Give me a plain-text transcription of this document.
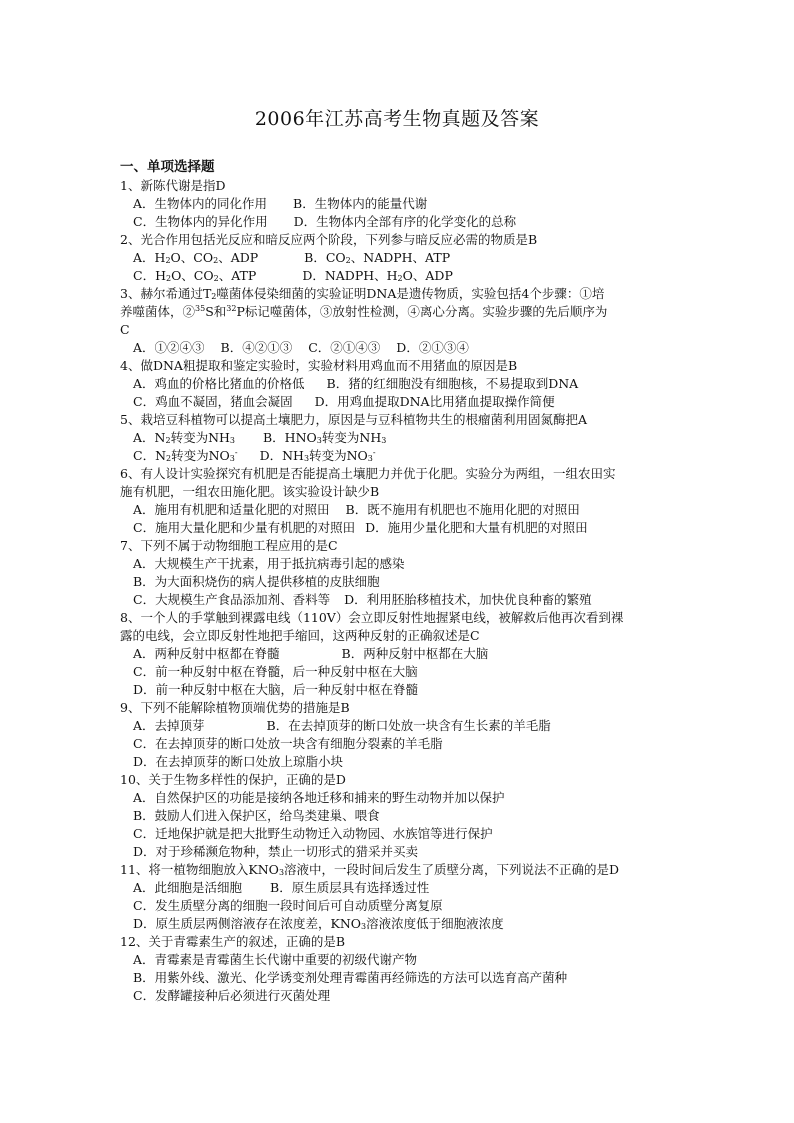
2006年江苏高考生物真题及答案
一、单项选择题
1、新陈代谢是指D
A．生物体内的同化作用 B．生物体内的能量代谢
C．生物体内的异化作用 D．生物体内全部有序的化学变化的总称
2、光合作用包括光反应和暗反应两个阶段，下列参与暗反应必需的物质是B
A．$H_2O$、$CO_2$、ADP	B．$CO_2$、NADPH、ATP
C．$H_2O$、$CO_2$、ATP	D．NADPH、$H_2O$、ADP
3、赫尔希通过$T_2$噬菌体侵染细菌的实验证明DNA是遗传物质，实验包括4个步骤：①培
养噬菌体，②$^{35}$S和$^{32}$P标记噬菌体，③放射性检测，④离心分离。实验步骤的先后顺序为
C
A．①②④③ B．④②①③ C．②①④③ D．②①③④
4、做DNA粗提取和鉴定实验时，实验材料用鸡血而不用猪血的原因是B
A．鸡血的价格比猪血的价格低 B．猪的红细胞没有细胞核，不易提取到DNA
C．鸡血不凝固，猪血会凝固 D．用鸡血提取DNA比用猪血提取操作简便
5、栽培豆科植物可以提高土壤肥力，原因是与豆科植物共生的根瘤菌利用固氮酶把A
A．$N_2$转变为$NH_3$ B．$HNO_3$转变为$NH_3$
C．$N_2$转变为$NO_3^-$ D．$NH_3$转变为$NO_3^-$
6、有人设计实验探究有机肥是否能提高土壤肥力并优于化肥。实验分为两组，一组农田实
施有机肥，一组农田施化肥。该实验设计缺少B
A．施用有机肥和适量化肥的对照田 B．既不施用有机肥也不施用化肥的对照田
C．施用大量化肥和少量有机肥的对照田 D．施用少量化肥和大量有机肥的对照田
7、下列不属于动物细胞工程应用的是C
A．大规模生产干扰素，用于抵抗病毒引起的感染
B．为大面积烧伤的病人提供移植的皮肤细胞
C．大规模生产食品添加剂、香料等 D．利用胚胎移植技术，加快优良种畜的繁殖
8、一个人的手掌触到裸露电线（110V）会立即反射性地握紧电线，被解救后他再次看到裸
露的电线，会立即反射性地把手缩回，这两种反射的正确叙述是C
A．两种反射中枢都在脊髓	B．两种反射中枢都在大脑
C．前一种反射中枢在脊髓，后一种反射中枢在大脑
D．前一种反射中枢在大脑，后一种反射中枢在脊髓
9、下列不能解除植物顶端优势的措施是B
A．去掉顶芽	B．在去掉顶芽的断口处放一块含有生长素的羊毛脂
C．在去掉顶芽的断口处放一块含有细胞分裂素的羊毛脂
D．在去掉顶芽的断口处放上琼脂小块
10、关于生物多样性的保护，正确的是D
A．自然保护区的功能是接纳各地迁移和捕来的野生动物并加以保护
B．鼓励人们进入保护区，给鸟类建巢、喂食
C．迁地保护就是把大批野生动物迁入动物园、水族馆等进行保护
D．对于珍稀濒危物种，禁止一切形式的猎采并买卖
11、将一植物细胞放入$KNO_3$溶液中，一段时间后发生了质壁分离，下列说法不正确的是D
A．此细胞是活细胞 B．原生质层具有选择透过性
C．发生质壁分离的细胞一段时间后可自动质壁分离复原
D．原生质层两侧溶液存在浓度差，$KNO_3$溶液浓度低于细胞液浓度
12、关于青霉素生产的叙述，正确的是B
A．青霉素是青霉菌生长代谢中重要的初级代谢产物
B．用紫外线、激光、化学诱变剂处理青霉菌再经筛选的方法可以选育高产菌种
C．发酵罐接种后必须进行灭菌处理
